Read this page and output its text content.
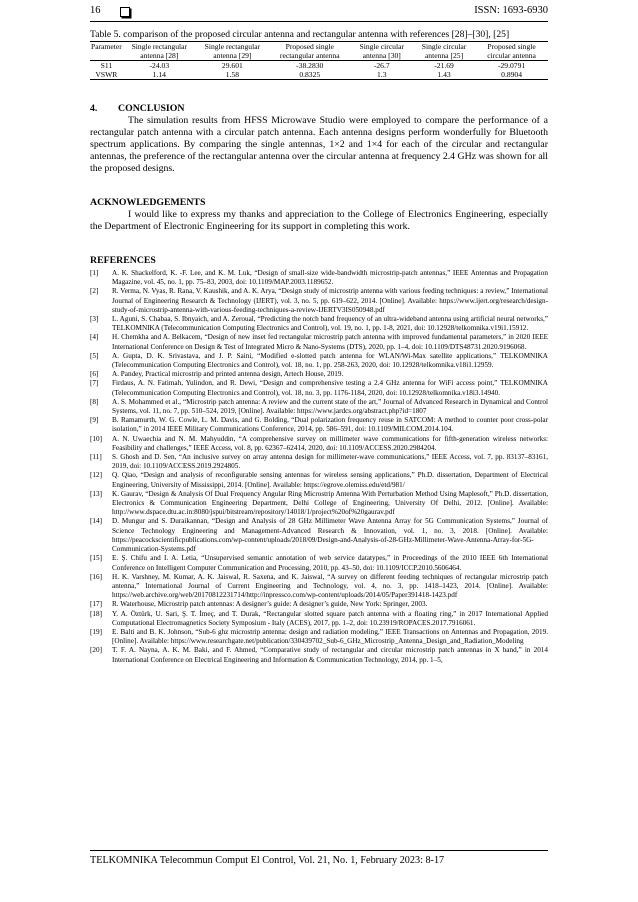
16	ISSN: 1693-6930
Table 5. comparison of the proposed circular antenna and rectangular antenna with references [28]–[30], [25]
Parameter	Single rectangular antenna [28]	Single rectangular antenna [29]	Proposed single rectangular antenna	Single circular antenna [30]	Single circular antenna [25]	Proposed single circular antenna
S11	-24.03	29.601	-38.2830	-26.7	-21.69	-29.0791
VSWR	1.14	1.58	0.8325	1.3	1.43	0.8904
4. CONCLUSION

The simulation results from HFSS Microwave Studio were employed to compare the performance of a rectangular patch antenna with a circular patch antenna. Each antenna designs perform wonderfully for Bluetooth spectrum applications. By comparing the single antennas, 1×2 and 1×4 for each of the circular and rectangular antennas, the preference of the rectangular antenna over the circular antenna at frequency 2.4 GHz was shown for all the proposed designs.

ACKNOWLEDGEMENTS

I would like to express my thanks and appreciation to the College of Electronics Engineering, especially the Department of Electronic Engineering for its support in completing this work.

REFERENCES
[1] A. K. Shackelford, K. -F. Lee, and K. M. Luk, “Design of small-size wide-bandwidth microstrip-patch antennas,” IEEE Antennas and Propagation Magazine, vol. 45, no. 1, pp. 75–83, 2003, doi: 10.1109/MAP.2003.1189652.
[2] R. Verma, N. Vyas, R. Rana, V. Kaushik, and A. K. Arya, “Design study of microstrip antenna with various feeding techniques: a review,” International Journal of Engineering Research & Technology (IJERT), vol. 3, no. 5, pp. 619–622, 2014. [Online]. Available: https://www.ijert.org/research/design-study-of-microstrip-antenna-with-various-feeding-techniques-a-review-IJERTV3IS050948.pdf
[3] L. Aguni, S. Chabaa, S. Ibnyaich, and A. Zeroual, “Predicting the notch band frequency of an ultra-wideband antenna using artificial neural networks,” TELKOMNIKA (Telecommunication Computing Electronics and Control), vol. 19, no. 1, pp. 1-8, 2021, doi: 10.12928/telkomnika.v19i1.15912.
[4] H. Chemkha and A. Belkacem, “Design of new inset fed rectangular microstrip patch antenna with improved fundamental parameters,” in 2020 IEEE International Conference on Design & Test of Integrated Micro & Nano-Systems (DTS), 2020, pp. 1–4, doi: 10.1109/DTS48731.2020.9196068.
[5] A. Gupta, D. K. Srivastava, and J. P. Saini, “Modified e-slotted patch antenna for WLAN/Wi-Max satellite applications,” TELKOMNIKA (Telecommunication Computing Electronics and Control), vol. 18, no. 1, pp. 258-263, 2020, doi: 10.12928/telkomnika.v18i1.12959.
[6] A. Pandey, Practical microstrip and printed antenna design, Artech House, 2019.
[7] Firdaus, A. N. Fatimah, Yulindon, and R. Dewi, “Design and comprehensive testing a 2.4 GHz antenna for WiFi access point,” TELKOMNIKA (Telecommunication Computing Electronics and Control), vol. 18, no. 3, pp. 1176-1184, 2020, doi: 10.12928/telkomnika.v18i3.14940.
[8] A. S. Mohammed et al., “Microstrip patch antenna: A review and the current state of the art,” Journal of Advanced Research in Dynamical and Control Systems, vol. 11, no. 7, pp. 510–524, 2019, [Online]. Available: https://www.jardcs.org/abstract.php?id=1807
[9] B. Ramamurth, W. G. Cowle, L. M. Davis, and G. Bolding, “Dual polarization frequency reuse in SATCOM: A method to counter poor cross-polar isolation,” in 2014 IEEE Military Communications Conference, 2014, pp. 586–591, doi: 10.1109/MILCOM.2014.104.
[10] A. N. Uwaechia and N. M. Mahyuddin, “A comprehensive survey on millimeter wave communications for fifth-generation wireless networks: Feasibility and challenges,” IEEE Access, vol. 8, pp. 62367–62414, 2020, doi: 10.1109/ACCESS.2020.2984204.
[11] S. Ghosh and D. Sen, “An inclusive survey on array antenna design for millimeter-wave communications,” IEEE Access, vol. 7, pp. 83137–83161, 2019, doi: 10.1109/ACCESS.2019.2924805.
[12] Q. Qiao, “Design and analysis of reconfigurable sensing antennas for wireless sensing applications,” Ph.D. dissertation, Department of Electrical Engineering, University of Mississippi, 2014. [Online]. Available: https://egrove.olemiss.edu/etd/981/
[13] K. Gaurav, “Design & Analysis Of Dual Frequency Angular Ring Microstrip Antenna With Perturbation Method Using Maplesoft,” Ph.D. dissertation, Electronics & Communication Engineering Department, Delhi College of Engineering, University Of Delhi, 2012. [Online]. Available: http://www.dspace.dtu.ac.in:8080/jspui/bitstream/repository/14018/1/project%20of%20gaurav.pdf
[14] D. Mungur and S. Duraikannan, “Design and Analysis of 28 GHz Millimeter Wave Antenna Array for 5G Communication Systems,” Journal of Science Technology Engineering and Management-Advanced Research & Innovation, vol. 1, no. 3, 2018. [Online]. Available: https://peacockscientificpublications.com/wp-content/uploads/2018/09/Design-and-Analysis-of-28-GHz-Millimeter-Wave-Antenna-Array-for-5G-Communication-Systems.pdf
[15] E. Ş. Chifu and I. A. Letia, “Unsupervised semantic annotation of web service datatypes,” in Proceedings of the 2010 IEEE 6th International Conference on Intelligent Computer Communication and Processing, 2010, pp. 43–50, doi: 10.1109/ICCP.2010.5606464.
[16] H. K. Varshney, M. Kumar, A. K. Jaiswal, R. Saxena, and K. Jaiswal, “A survey on different feeding techniques of rectangular microstrip patch antenna,” International Journal of Current Engineering and Technology, vol. 4, no. 3, pp. 1418–1423, 2014. [Online]. Available: https://web.archive.org/web/20170812231714/http://inpressco.com/wp-content/uploads/2014/05/Paper391418-1423.pdf
[17] R. Waterhouse, Microstrip patch antennas: A designer’s guide: A designer’s guide, New York: Springer, 2003.
[18] Y. A. Öztürk, U. Sari, Ş. T. İmeç, and T. Durak, “Rectangular slotted square patch antenna with a floating ring,” in 2017 International Applied Computational Electromagnetics Society Symposium - Italy (ACES), 2017, pp. 1–2, doi: 10.23919/ROPACES.2017.7916061.
[19] E. Balti and B. K. Johnson, “Sub-6 ghz microstrip antenna: design and radiation modeling,” IEEE Transactions on Antennas and Propagation, 2019. [Online]. Available: https://www.researchgate.net/publication/330439702_Sub-6_GHz_Microstrip_Antenna_Design_and_Radiation_Modeling
[20] T. F. A. Nayna, A. K. M. Baki, and F. Ahmed, “Comparative study of rectangular and circular microstrip patch antennas in X band,” in 2014 International Conference on Electrical Engineering and Information & Communication Technology, 2014, pp. 1–5,
TELKOMNIKA Telecommun Comput El Control, Vol. 21, No. 1, February 2023: 8-17
